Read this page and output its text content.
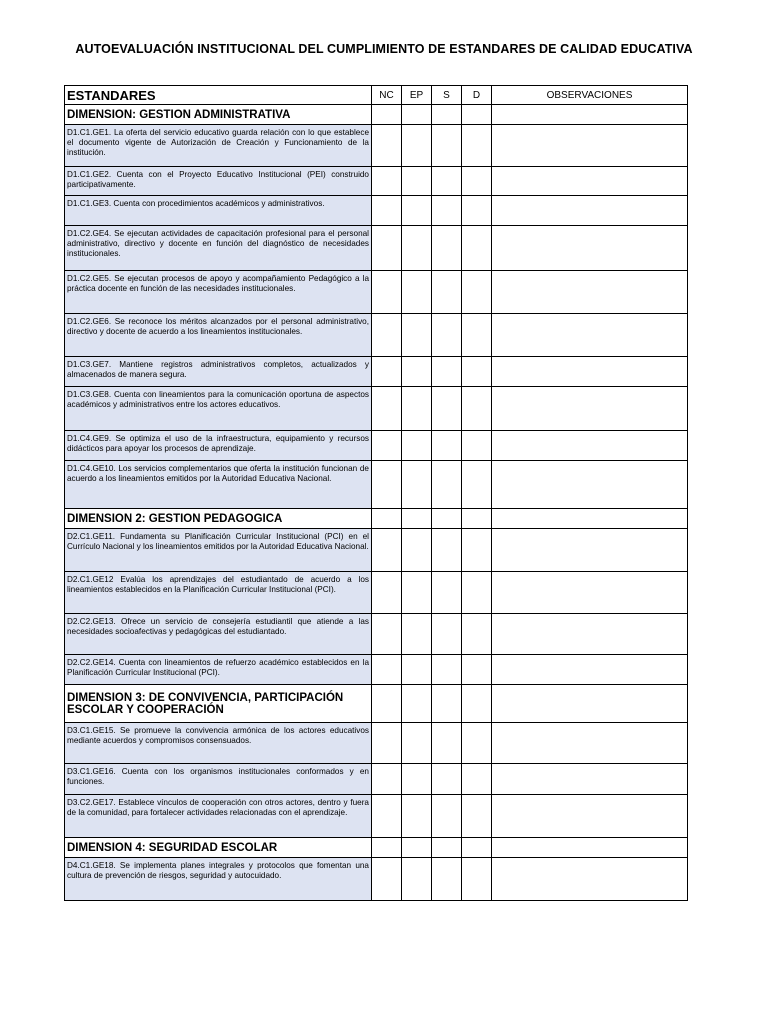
AUTOEVALUACIÓN INSTITUCIONAL DEL CUMPLIMIENTO DE ESTANDARES DE CALIDAD EDUCATIVA
ESTANDARES	NC	EP	S	D	OBSERVACIONES
DIMENSION: GESTION ADMINISTRATIVA					
D1.C1.GE1. La oferta del servicio educativo guarda relación con lo que establece el documento vigente de Autorización de Creación y Funcionamiento de la institución.					
D1.C1.GE2. Cuenta con el Proyecto Educativo Institucional (PEI) construido participativamente.					
D1.C1.GE3. Cuenta con procedimientos académicos y administrativos.					
D1.C2.GE4. Se ejecutan actividades de capacitación profesional para el personal administrativo, directivo y docente en función del diagnóstico de necesidades institucionales.					
D1.C2.GE5. Se ejecutan procesos de apoyo y acompañamiento Pedagógico a la práctica docente en función de las necesidades institucionales.					
D1.C2.GE6. Se reconoce los méritos alcanzados por el personal administrativo, directivo y docente de acuerdo a los lineamientos institucionales.					
D1.C3.GE7. Mantiene registros administrativos completos, actualizados y almacenados de manera segura.					
D1.C3.GE8. Cuenta con lineamientos para la comunicación oportuna de aspectos académicos y administrativos entre los actores educativos.					
D1.C4.GE9. Se optimiza el uso de la infraestructura, equipamiento y recursos didácticos para apoyar los procesos de aprendizaje.					
D1.C4.GE10. Los servicios complementarios que oferta la institución funcionan de acuerdo a los lineamientos emitidos por la Autoridad Educativa Nacional.					
DIMENSION 2: GESTION PEDAGOGICA					
D2.C1.GE11. Fundamenta su Planificación Curricular Institucional (PCI) en el Currículo Nacional y los lineamientos emitidos por la Autoridad Educativa Nacional.					
D2.C1.GE12 Evalúa los aprendizajes del estudiantado de acuerdo a los lineamientos establecidos en la Planificación Curricular Institucional (PCI).					
D2.C2.GE13. Ofrece un servicio de consejería estudiantil que atiende a las necesidades socioafectivas y pedagógicas del estudiantado.					
D2.C2.GE14. Cuenta con lineamientos de refuerzo académico establecidos en la Planificación Curricular Institucional (PCI).					
DIMENSION 3: DE CONVIVENCIA, PARTICIPACIÓN ESCOLAR Y COOPERACIÓN					
D3.C1.GE15. Se promueve la convivencia armónica de los actores educativos mediante acuerdos y compromisos consensuados.					
D3.C1.GE16. Cuenta con los organismos institucionales conformados y en funciones.					
D3.C2.GE17. Establece vínculos de cooperación con otros actores, dentro y fuera de la comunidad, para fortalecer actividades relacionadas con el aprendizaje.					
DIMENSION 4: SEGURIDAD ESCOLAR					
D4.C1.GE18. Se implementa planes integrales y protocolos que fomentan una cultura de prevención de riesgos, seguridad y autocuidado.					
